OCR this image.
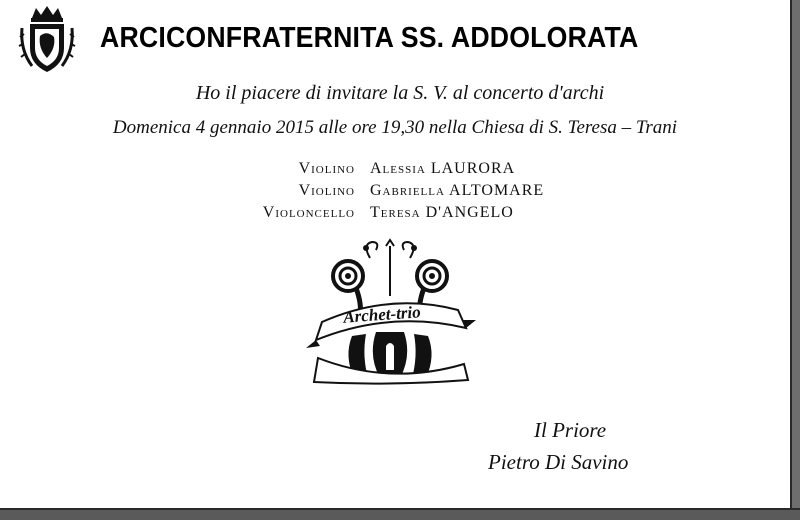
ARCICONFRATERNITA SS. ADDOLORATA
Ho il piacere di invitare la S. V. al concerto d'archi
Domenica 4 gennaio 2015 alle ore 19,30 nella Chiesa di S. Teresa – Trani
Violino Alessia LAURORA
Violino Gabriella ALTOMARE
Violoncello Teresa D'ANGELO
Archet-trio
Il Priore
Pietro Di Savino
